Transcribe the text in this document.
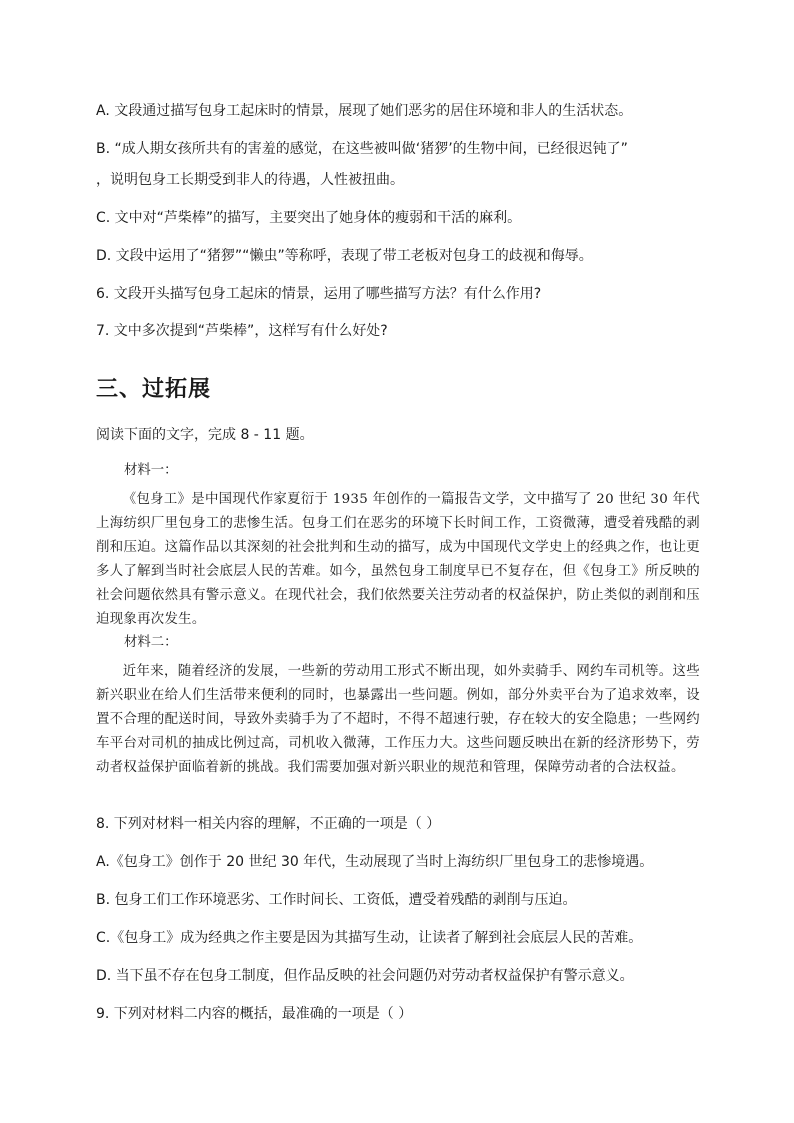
A. 文段通过描写包身工起床时的情景，展现了她们恶劣的居住环境和非人的生活状态。
B. “成人期女孩所共有的害羞的感觉，在这些被叫做‘猪猡’的生物中间，已经很迟钝了”
，说明包身工长期受到非人的待遇，人性被扭曲。
C. 文中对“芦柴棒”的描写，主要突出了她身体的瘦弱和干活的麻利。
D. 文段中运用了“猪猡”“懒虫”等称呼，表现了带工老板对包身工的歧视和侮辱。
6. 文段开头描写包身工起床的情景，运用了哪些描写方法？有什么作用?
7. 文中多次提到“芦柴棒”，这样写有什么好处?
三、过拓展
阅读下面的文字，完成 8 - 11 题。
材料一：
《包身工》是中国现代作家夏衍于 1935 年创作的一篇报告文学，文中描写了 20 世纪 30 年代上海纺织厂里包身工的悲惨生活。包身工们在恶劣的环境下长时间工作，工资微薄，遭受着残酷的剥削和压迫。这篇作品以其深刻的社会批判和生动的描写，成为中国现代文学史上的经典之作，也让更多人了解到当时社会底层人民的苦难。如今，虽然包身工制度早已不复存在，但《包身工》所反映的社会问题依然具有警示意义。在现代社会，我们依然要关注劳动者的权益保护，防止类似的剥削和压迫现象再次发生。
材料二：
近年来，随着经济的发展，一些新的劳动用工形式不断出现，如外卖骑手、网约车司机等。这些新兴职业在给人们生活带来便利的同时，也暴露出一些问题。例如，部分外卖平台为了追求效率，设置不合理的配送时间，导致外卖骑手为了不超时，不得不超速行驶，存在较大的安全隐患；一些网约车平台对司机的抽成比例过高，司机收入微薄，工作压力大。这些问题反映出在新的经济形势下，劳动者权益保护面临着新的挑战。我们需要加强对新兴职业的规范和管理，保障劳动者的合法权益。
8. 下列对材料一相关内容的理解，不正确的一项是（ ）
A.《包身工》创作于 20 世纪 30 年代，生动展现了当时上海纺织厂里包身工的悲惨境遇。
B. 包身工们工作环境恶劣、工作时间长、工资低，遭受着残酷的剥削与压迫。
C.《包身工》成为经典之作主要是因为其描写生动，让读者了解到社会底层人民的苦难。
D. 当下虽不存在包身工制度，但作品反映的社会问题仍对劳动者权益保护有警示意义。
9. 下列对材料二内容的概括，最准确的一项是（ ）
